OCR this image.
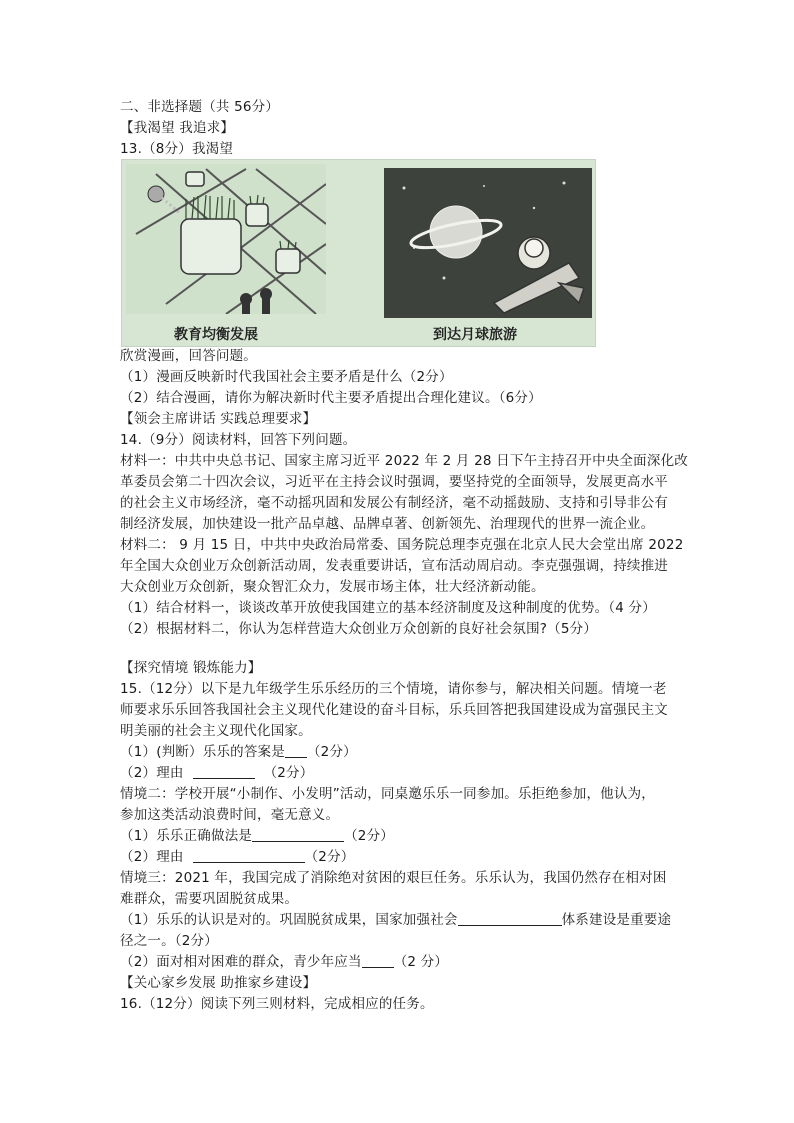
二、非选择题（共 56分）
【我渴望 我追求】
13.（8分）我渴望
教育均衡发展	到达月球旅游
欣赏漫画，回答问题。
（1）漫画反映新时代我国社会主要矛盾是什么（2分）
（2）结合漫画，请你为解决新时代主要矛盾提出合理化建议。（6分）
【领会主席讲话 实践总理要求】
14.（9分）阅读材料，回答下列问题。
材料一：中共中央总书记、国家主席习近平 2022 年 2 月 28 日下午主持召开中央全面深化改
革委员会第二十四次会议，习近平在主持会议时强调，要坚持党的全面领导，发展更高水平
的社会主义市场经济，毫不动摇巩固和发展公有制经济，毫不动摇鼓励、支持和引导非公有
制经济发展，加快建设一批产品卓越、品牌卓著、创新领先、治理现代的世界一流企业。
材料二： 9 月 15 日，中共中央政治局常委、国务院总理李克强在北京人民大会堂出席 2022
年全国大众创业万众创新活动周，发表重要讲话，宣布活动周启动。李克强强调，持续推进
大众创业万众创新，聚众智汇众力，发展市场主体，壮大经济新动能。
（1）结合材料一，谈谈改革开放使我国建立的基本经济制度及这种制度的优势。（4 分）
（2）根据材料二，你认为怎样营造大众创业万众创新的良好社会氛围?（5分）
【探究情境 锻炼能力】
15.（12分）以下是九年级学生乐乐经历的三个情境，请你参与，解决相关问题。情境一老
师要求乐乐回答我国社会主义现代化建设的奋斗目标，乐兵回答把我国建设成为富强民主文
明美丽的社会主义现代化国家。
（1）(判断）乐乐的答案是 （2分）
（2）理由	（2分）
情境二：学校开展“小制作、小发明”活动，同桌邀乐乐一同参加。乐拒绝参加，他认为，
参加这类活动浪费时间，毫无意义。
（1）乐乐正确做法是	（2分）
（2）理由	（2分）
情境三：2021 年，我国完成了消除绝对贫困的艰巨任务。乐乐认为，我国仍然存在相对困
难群众，需要巩固脱贫成果。
（1）乐乐的认识是对的。巩固脱贫成果，国家加强社会	体系建设是重要途
径之一。（2分）
（2）面对相对困难的群众，青少年应当 （2 分）
【关心家乡发展 助推家乡建设】
16.（12分）阅读下列三则材料，完成相应的任务。
